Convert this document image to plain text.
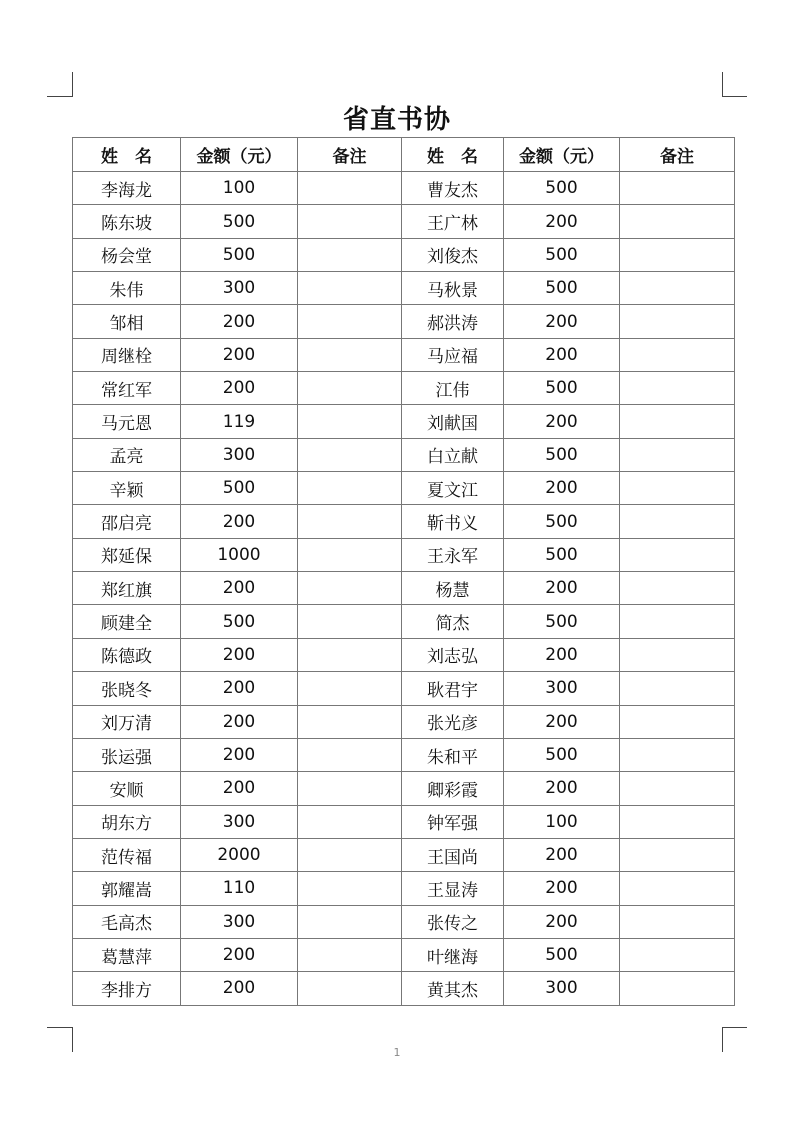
省直书协
姓　名	金额（元）	备注	姓　名	金额（元）	备注
李海龙	100		曹友杰	500	
陈东坡	500		王广林	200	
杨会堂	500		刘俊杰	500	
朱伟	300		马秋景	500	
邹相	200		郝洪涛	200	
周继栓	200		马应福	200	
常红军	200		江伟	500	
马元恩	119		刘献国	200	
孟亮	300		白立献	500	
辛颖	500		夏文江	200	
邵启亮	200		靳书义	500	
郑延保	1000		王永军	500	
郑红旗	200		杨慧	200	
顾建全	500		简杰	500	
陈德政	200		刘志弘	200	
张晓冬	200		耿君宇	300	
刘万清	200		张光彦	200	
张运强	200		朱和平	500	
安顺	200		卿彩霞	200	
胡东方	300		钟军强	100	
范传福	2000		王国尚	200	
郭耀嵩	110		王显涛	200	
毛高杰	300		张传之	200	
葛慧萍	200		叶继海	500	
李排方	200		黄其杰	300	
1
